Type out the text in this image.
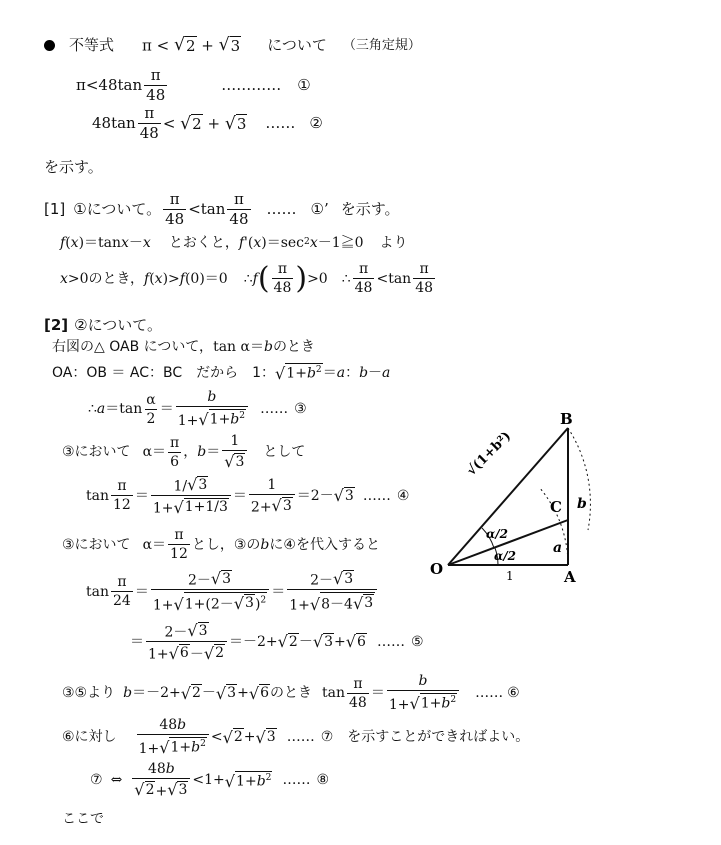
不等式 π < √ 2 + √ 3 について （三角定規）
π<48tan
π
48
………… ①
48tan
π
48
< √ 2 + √ 3 …… ②
を示す。
[1] ①について。
π
48
<tan
π
48
…… ①’ を示す。
f ( x )＝tan x － x とおくと， f '( x )＝sec 2 x －1≧0 より
x >0 のとき， f ( x )> f (0)＝0 ∴ f ( π
48 ) >0 ∴
π
48
<tan
π
48
[2] ②について。
右図の△ OAB について， tan α＝ b のとき
OA：OB ＝ AC：BC　だから　1： √ $1+b^2 = a$ ： b － a
∴ a ＝tan
α
2
＝
b
1+ √ $1+b^2$ …… ③
③において α＝
π
6
， b ＝
1
√ 3
として
tan
π
12
＝
1/ √ 3
1+ √ 1+1/3
＝
1
2+ √ 3
＝2－ √ 3 …… ④
③において α＝
π
12
とし，③の b に④を代入すると
tan
π
24
＝
2－ √ 3
1+ √ 1+(2－ √ 3 )$^2$
＝
2－ √ 3
1+ √ 8－4 √ 3
＝
2－ √ 3
1+ √ 6 － √ 2
＝－2+ √ 2 － √ 3 + √ 6 …… ⑤
③⑤より b ＝－2+ √ 2 － √ 3 + √ 6 のとき tan
π
48
＝
b
1+ √ $1+b^2$ …… ⑥
⑥に対し
48b
1+ √ $1+b^2$ < √ 2 + √ 3 …… ⑦ を示すことができればよい。
⑦ ⇔
48b
√ 2 + √ 3
<1+ √ $1+b^2$ …… ⑧
ここで
O	A
B
C
1
a
b
√(1+b²)
α/2
α/2
